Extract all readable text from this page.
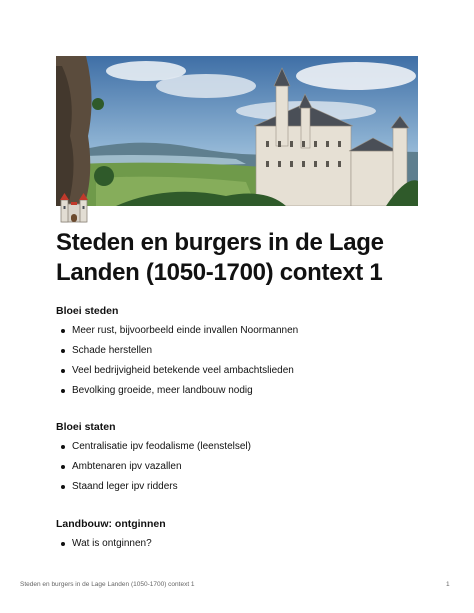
Steden en burgers in de Lage Landen (1050-1700) context 1
Bloei steden
Meer rust, bijvoorbeeld einde invallen Noormannen
Schade herstellen
Veel bedrijvigheid betekende veel ambachtslieden
Bevolking groeide, meer landbouw nodig
Bloei staten
Centralisatie ipv feodalisme (leenstelsel)
Ambtenaren ipv vazallen
Staand leger ipv ridders
Landbouw: ontginnen
Wat is ontginnen?
Steden en burgers in de Lage Landen (1050-1700) context 1	1
